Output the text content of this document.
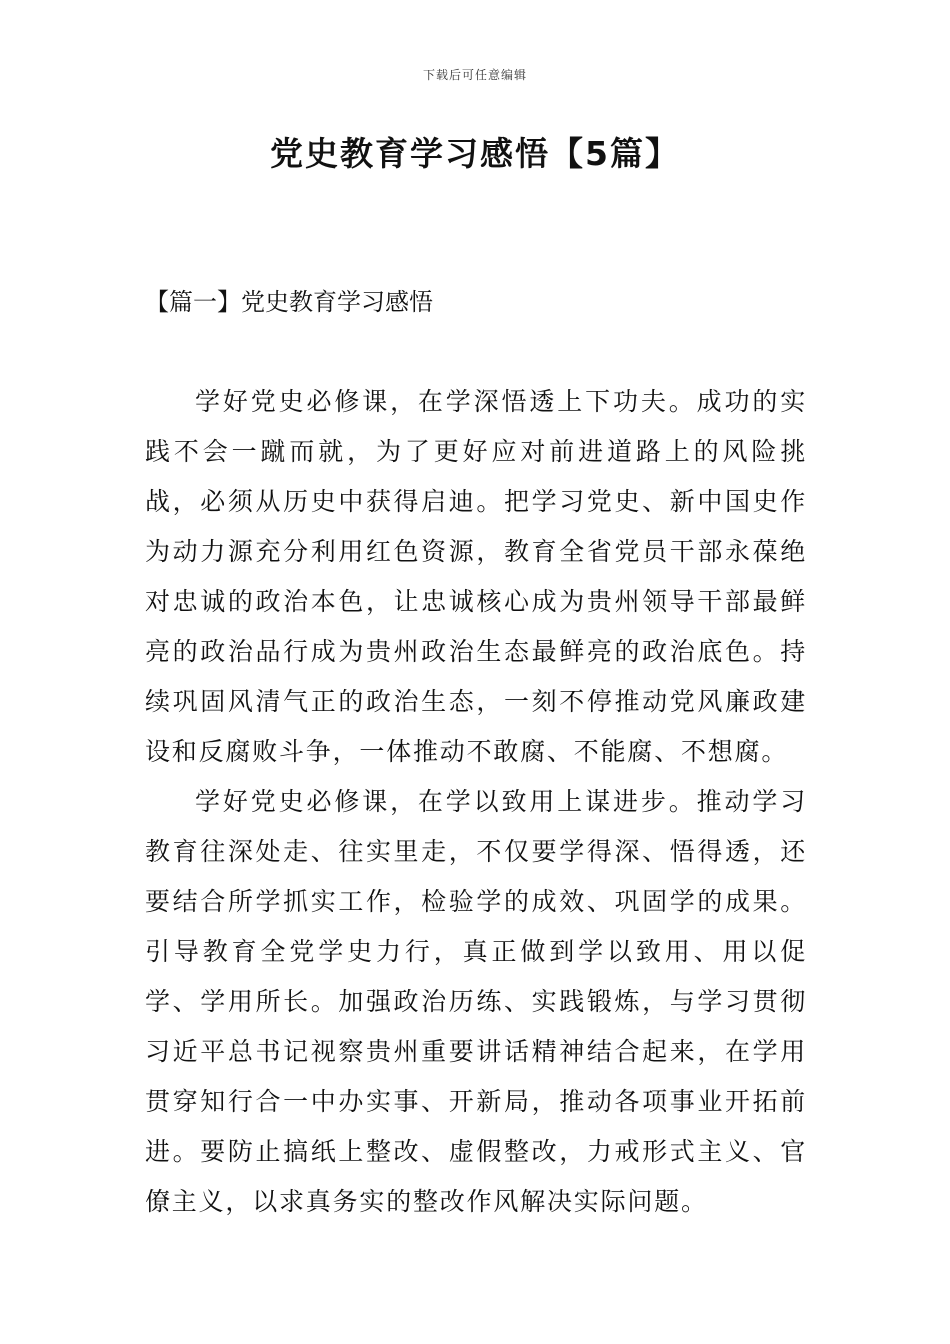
下载后可任意编辑
党史教育学习感悟【5篇】
【篇一】党史教育学习感悟

学好党史必修课，在学深悟透上下功夫。成功的实践不会一蹴而就，为了更好应对前进道路上的风险挑战，必须从历史中获得启迪。把学习党史、新中国史作为动力源充分利用红色资源，教育全省党员干部永葆绝对忠诚的政治本色，让忠诚核心成为贵州领导干部最鲜亮的政治品行成为贵州政治生态最鲜亮的政治底色。持续巩固风清气正的政治生态，一刻不停推动党风廉政建设和反腐败斗争，一体推动不敢腐、不能腐、不想腐。

学好党史必修课，在学以致用上谋进步。推动学习教育往深处走、往实里走，不仅要学得深、悟得透，还要结合所学抓实工作，检验学的成效、巩固学的成果。引导教育全党学史力行，真正做到学以致用、用以促学、学用所长。加强政治历练、实践锻炼，与学习贯彻习近平总书记视察贵州重要讲话精神结合起来，在学用贯穿知行合一中办实事、开新局，推动各项事业开拓前进。要防止搞纸上整改、虚假整改，力戒形式主义、官僚主义，以求真务实的整改作风解决实际问题。
